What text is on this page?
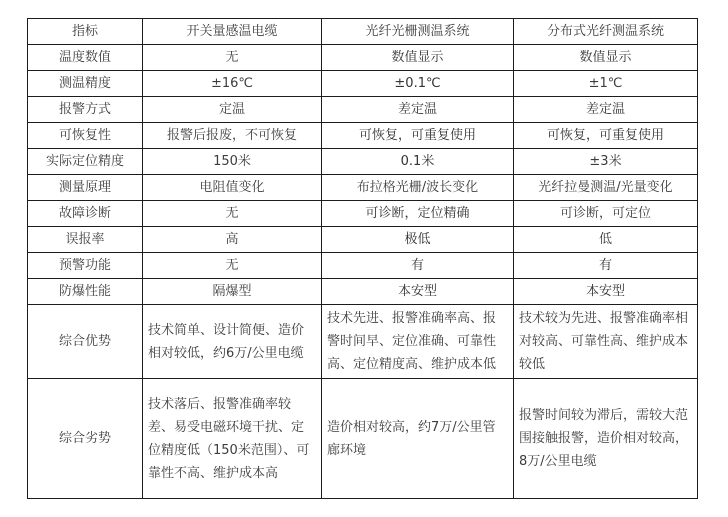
指标	开关量感温电缆	光纤光栅测温系统	分布式光纤测温系统
温度数值	无	数值显示	数值显示
测温精度	±16℃	±0.1℃	±1℃
报警方式	定温	差定温	差定温
可恢复性	报警后报废，不可恢复	可恢复，可重复使用	可恢复，可重复使用
实际定位精度	150米	0.1米	±3米
测量原理	电阻值变化	布拉格光栅/波长变化	光纤拉曼测温/光量变化
故障诊断	无	可诊断，定位精确	可诊断，可定位
误报率	高	极低	低
预警功能	无	有	有
防爆性能	隔爆型	本安型	本安型
综合优势	技术简单、设计简便、造价相对较低，约6万/公里电缆	技术先进、报警准确率高、报警时间早、定位准确、可靠性高、定位精度高、维护成本低	技术较为先进、报警准确率相对较高、可靠性高、维护成本较低
综合劣势	技术落后、报警准确率较差、易受电磁环境干扰、定位精度低（150米范围）、可靠性不高、维护成本高	造价相对较高，约7万/公里管廊环境	报警时间较为滞后，需较大范围接触报警，造价相对较高，8万/公里电缆
